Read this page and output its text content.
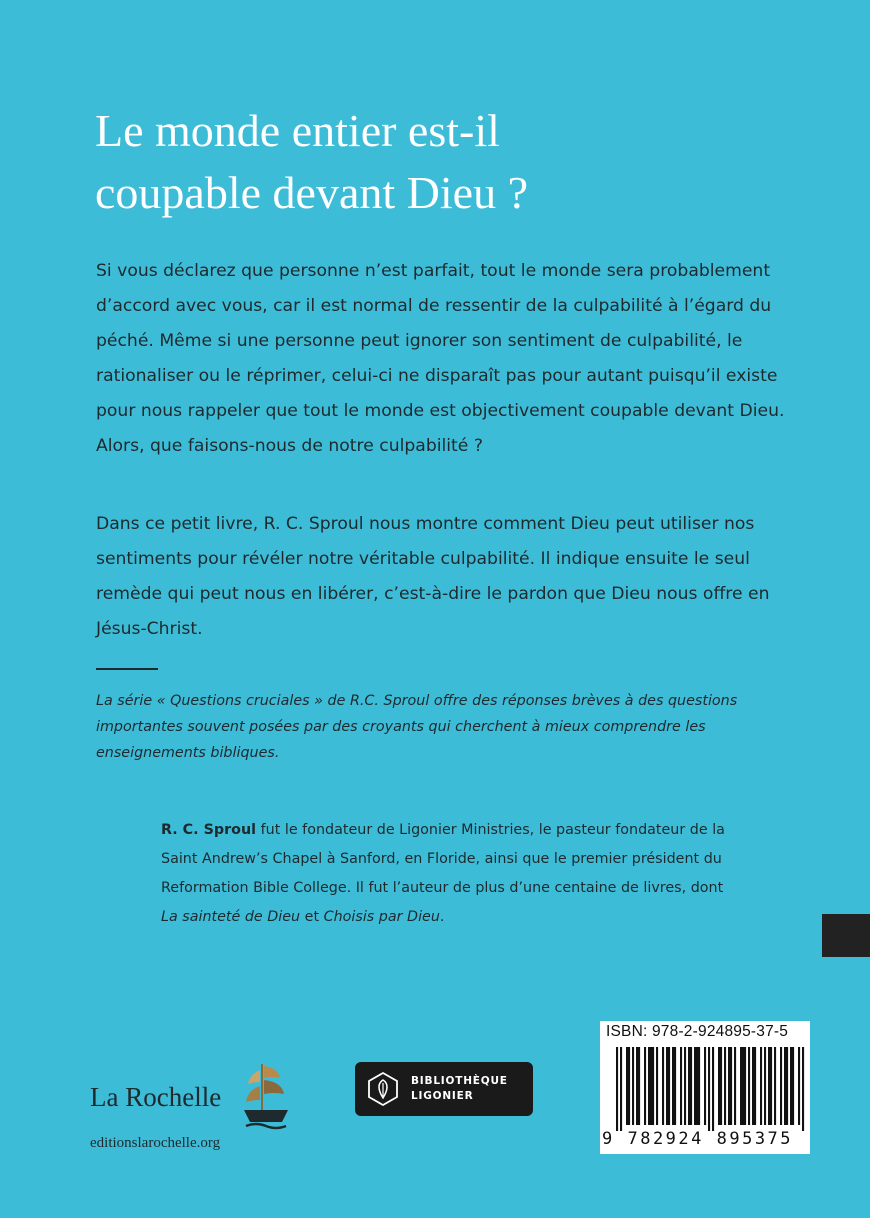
Le monde entier est-il
coupable devant Dieu ?

Si vous déclarez que personne n’est parfait, tout le monde sera probablement d’accord avec vous, car il est normal de ressentir de la culpabilité à l’égard du péché. Même si une personne peut ignorer son sentiment de culpabilité, le rationaliser ou le réprimer, celui-ci ne disparaît pas pour autant puisqu’il existe pour nous rappeler que tout le monde est objectivement coupable devant Dieu. Alors, que faisons-nous de notre culpabilité ?

Dans ce petit livre, R. C. Sproul nous montre comment Dieu peut utiliser nos sentiments pour révéler notre véritable culpabilité. Il indique ensuite le seul remède qui peut nous en libérer, c’est-à-dire le pardon que Dieu nous offre en Jésus-Christ.

La série « Questions cruciales » de R.C. Sproul offre des réponses brèves à des questions importantes souvent posées par des croyants qui cherchent à mieux comprendre les enseignements bibliques.

R. C. Sproul fut le fondateur de Ligonier Ministries, le pasteur fondateur de la Saint Andrew’s Chapel à Sanford, en Floride, ainsi que le premier président du Reformation Bible College. Il fut l’auteur de plus d’une centaine de livres, dont La sainteté de Dieu et Choisis par Dieu.

La Rochelle
editionslarochelle.org
BIBLIOTHÈQUE
LIGONIER
ISBN: 978-2-924895-37-5
9 782924 895375
